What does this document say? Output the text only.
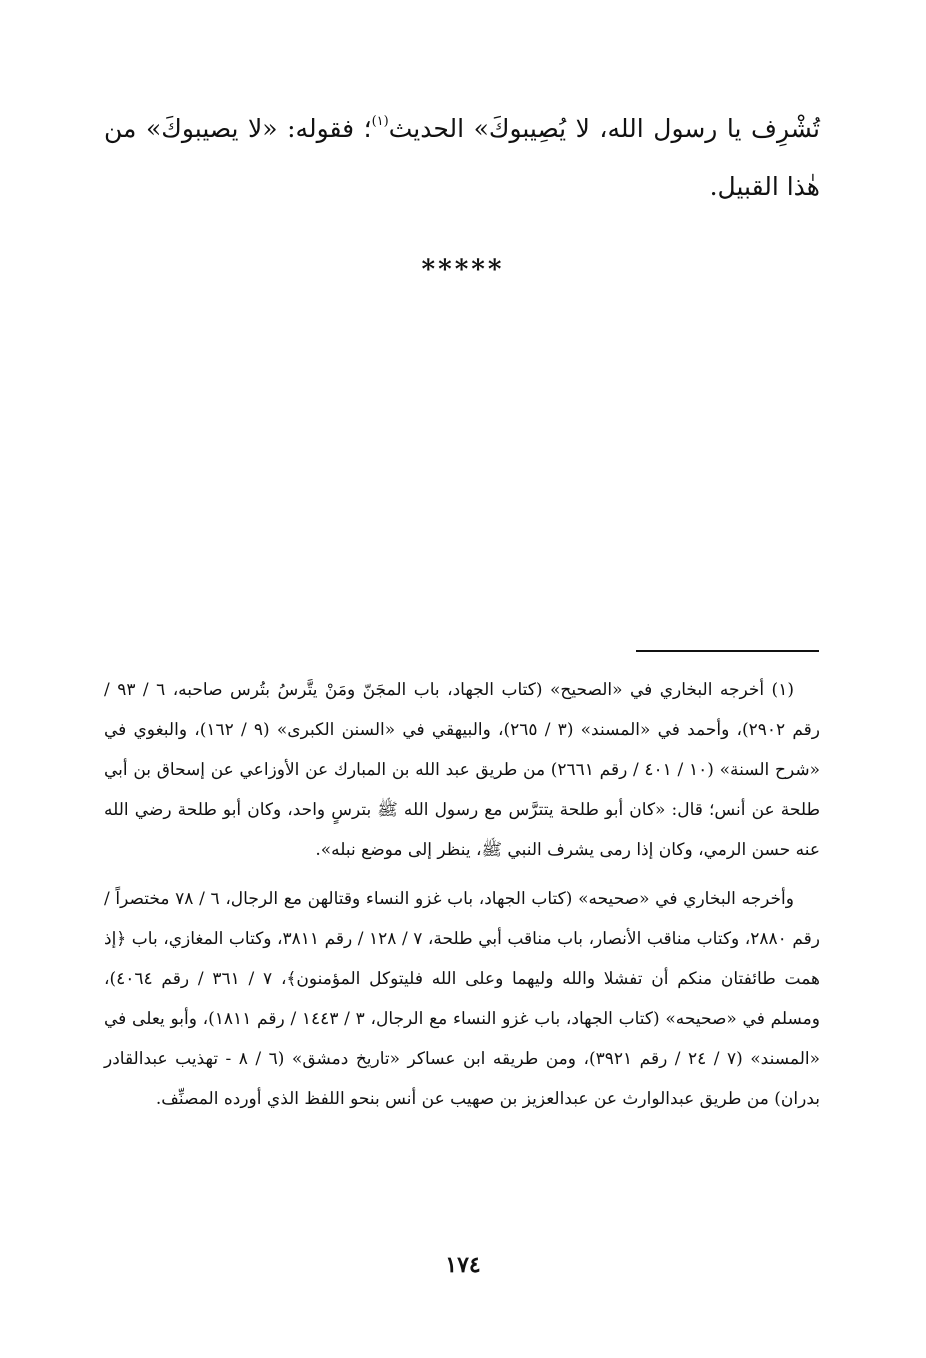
تُشْرِف يا رسول الله، لا يُصِيبوكَ» الحديث$^{(١)}$؛ فقوله: «لا يصيبوكَ» من هٰذا القبيل.

*****

(١) أخرجه البخاري في «الصحيح» (كتاب الجهاد، باب المجَنّ ومَنْ يتَّرسُ بتُرس صاحبه، ٦ / ٩٣ / رقم ٢٩٠٢)، وأحمد في «المسند» (٣ / ٢٦٥)، والبيهقي في «السنن الكبرى» (٩ / ١٦٢)، والبغوي في «شرح السنة» (١٠ / ٤٠١ / رقم ٢٦٦١) من طريق عبد الله بن المبارك عن الأوزاعي عن إسحاق بن أبي طلحة عن أنس؛ قال: «كان أبو طلحة يتترَّس مع رسول الله ﷺ بترسٍ واحد، وكان أبو طلحة رضي الله عنه حسن الرمي، وكان إذا رمى يشرف النبي ﷺ، ينظر إلى موضع نبله».

وأخرجه البخاري في «صحيحه» (كتاب الجهاد، باب غزو النساء وقتالهن مع الرجال، ٦ / ٧٨ مختصراً / رقم ٢٨٨٠، وكتاب مناقب الأنصار، باب مناقب أبي طلحة، ٧ / ١٢٨ / رقم ٣٨١١، وكتاب المغازي، باب ﴿إذ همت طائفتان منكم أن تفشلا والله وليهما وعلى الله فليتوكل المؤمنون﴾، ٧ / ٣٦١ / رقم ٤٠٦٤)، ومسلم في «صحيحه» (كتاب الجهاد، باب غزو النساء مع الرجال، ٣ / ١٤٤٣ / رقم ١٨١١)، وأبو يعلى في «المسند» (٧ / ٢٤ / رقم ٣٩٢١)، ومن طريقه ابن عساكر «تاريخ دمشق» (٦ / ٨ - تهذيب عبدالقادر بدران) من طريق عبدالوارث عن عبدالعزيز بن صهيب عن أنس بنحو اللفظ الذي أورده المصنِّف.

١٧٤
